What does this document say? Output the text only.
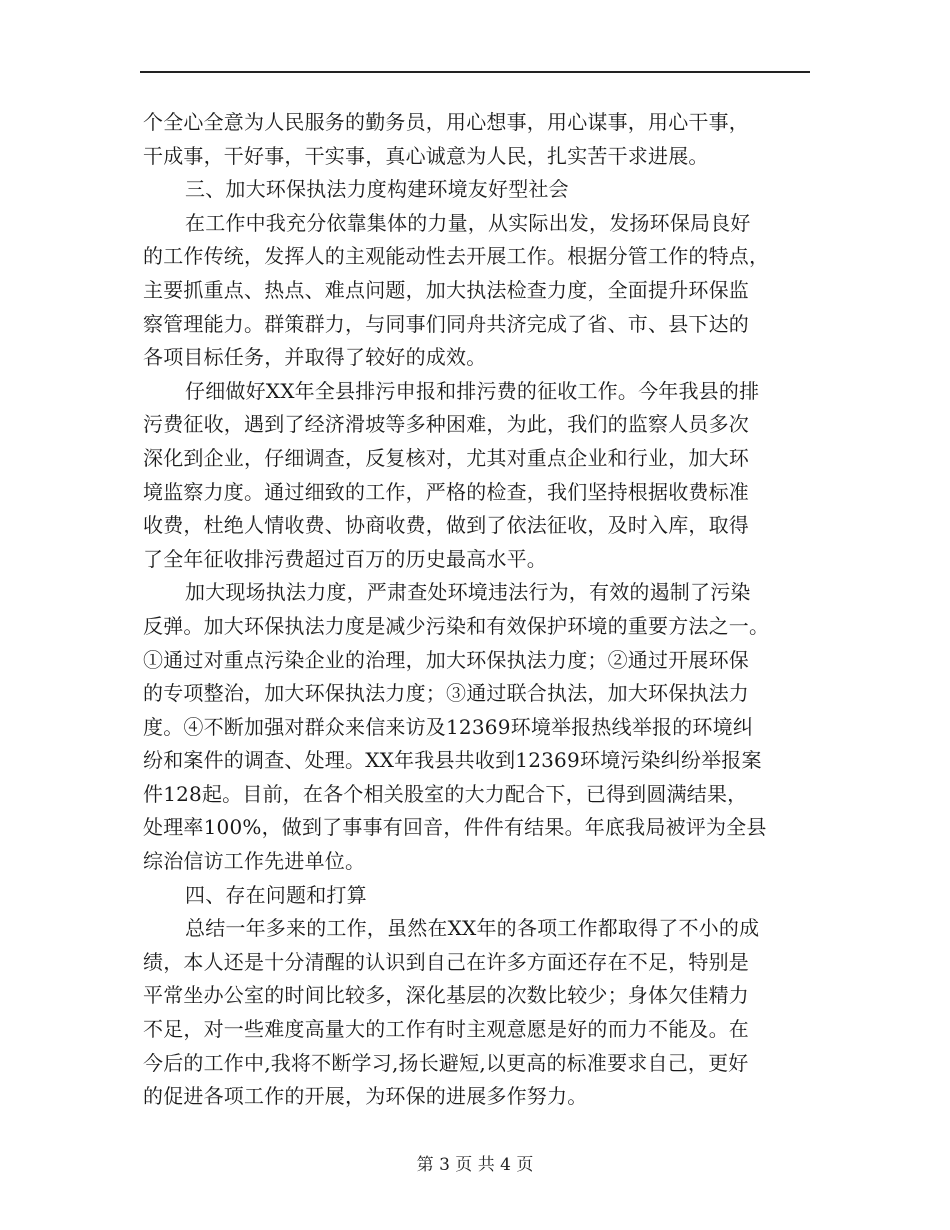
个全心全意为人民服务的勤务员，用心想事，用心谋事，用心干事，
干成事，干好事，干实事，真心诚意为人民，扎实苦干求进展。
三、加大环保执法力度构建环境友好型社会
在工作中我充分依靠集体的力量，从实际出发，发扬环保局良好
的工作传统，发挥人的主观能动性去开展工作。根据分管工作的特点，
主要抓重点、热点、难点问题，加大执法检查力度，全面提升环保监
察管理能力。群策群力，与同事们同舟共济完成了省、市、县下达的
各项目标任务，并取得了较好的成效。
仔细做好XX年全县排污申报和排污费的征收工作。今年我县的排
污费征收，遇到了经济滑坡等多种困难，为此，我们的监察人员多次
深化到企业，仔细调查，反复核对，尤其对重点企业和行业，加大环
境监察力度。通过细致的工作，严格的检查，我们坚持根据收费标准
收费，杜绝人情收费、协商收费，做到了依法征收，及时入库，取得
了全年征收排污费超过百万的历史最高水平。
加大现场执法力度，严肃查处环境违法行为，有效的遏制了污染
反弹。加大环保执法力度是减少污染和有效保护环境的重要方法之一。
①通过对重点污染企业的治理，加大环保执法力度；②通过开展环保
的专项整治，加大环保执法力度；③通过联合执法，加大环保执法力
度。④不断加强对群众来信来访及12369环境举报热线举报的环境纠
纷和案件的调查、处理。XX年我县共收到12369环境污染纠纷举报案
件128起。目前，在各个相关股室的大力配合下，已得到圆满结果，
处理率100%，做到了事事有回音，件件有结果。年底我局被评为全县
综治信访工作先进单位。
四、存在问题和打算
总结一年多来的工作，虽然在XX年的各项工作都取得了不小的成
绩，本人还是十分清醒的认识到自己在许多方面还存在不足，特别是
平常坐办公室的时间比较多，深化基层的次数比较少；身体欠佳精力
不足，对一些难度高量大的工作有时主观意愿是好的而力不能及。在
今后的工作中,我将不断学习,扬长避短,以更高的标准要求自己，更好
的促进各项工作的开展，为环保的进展多作努力。
第 3 页 共 4 页
